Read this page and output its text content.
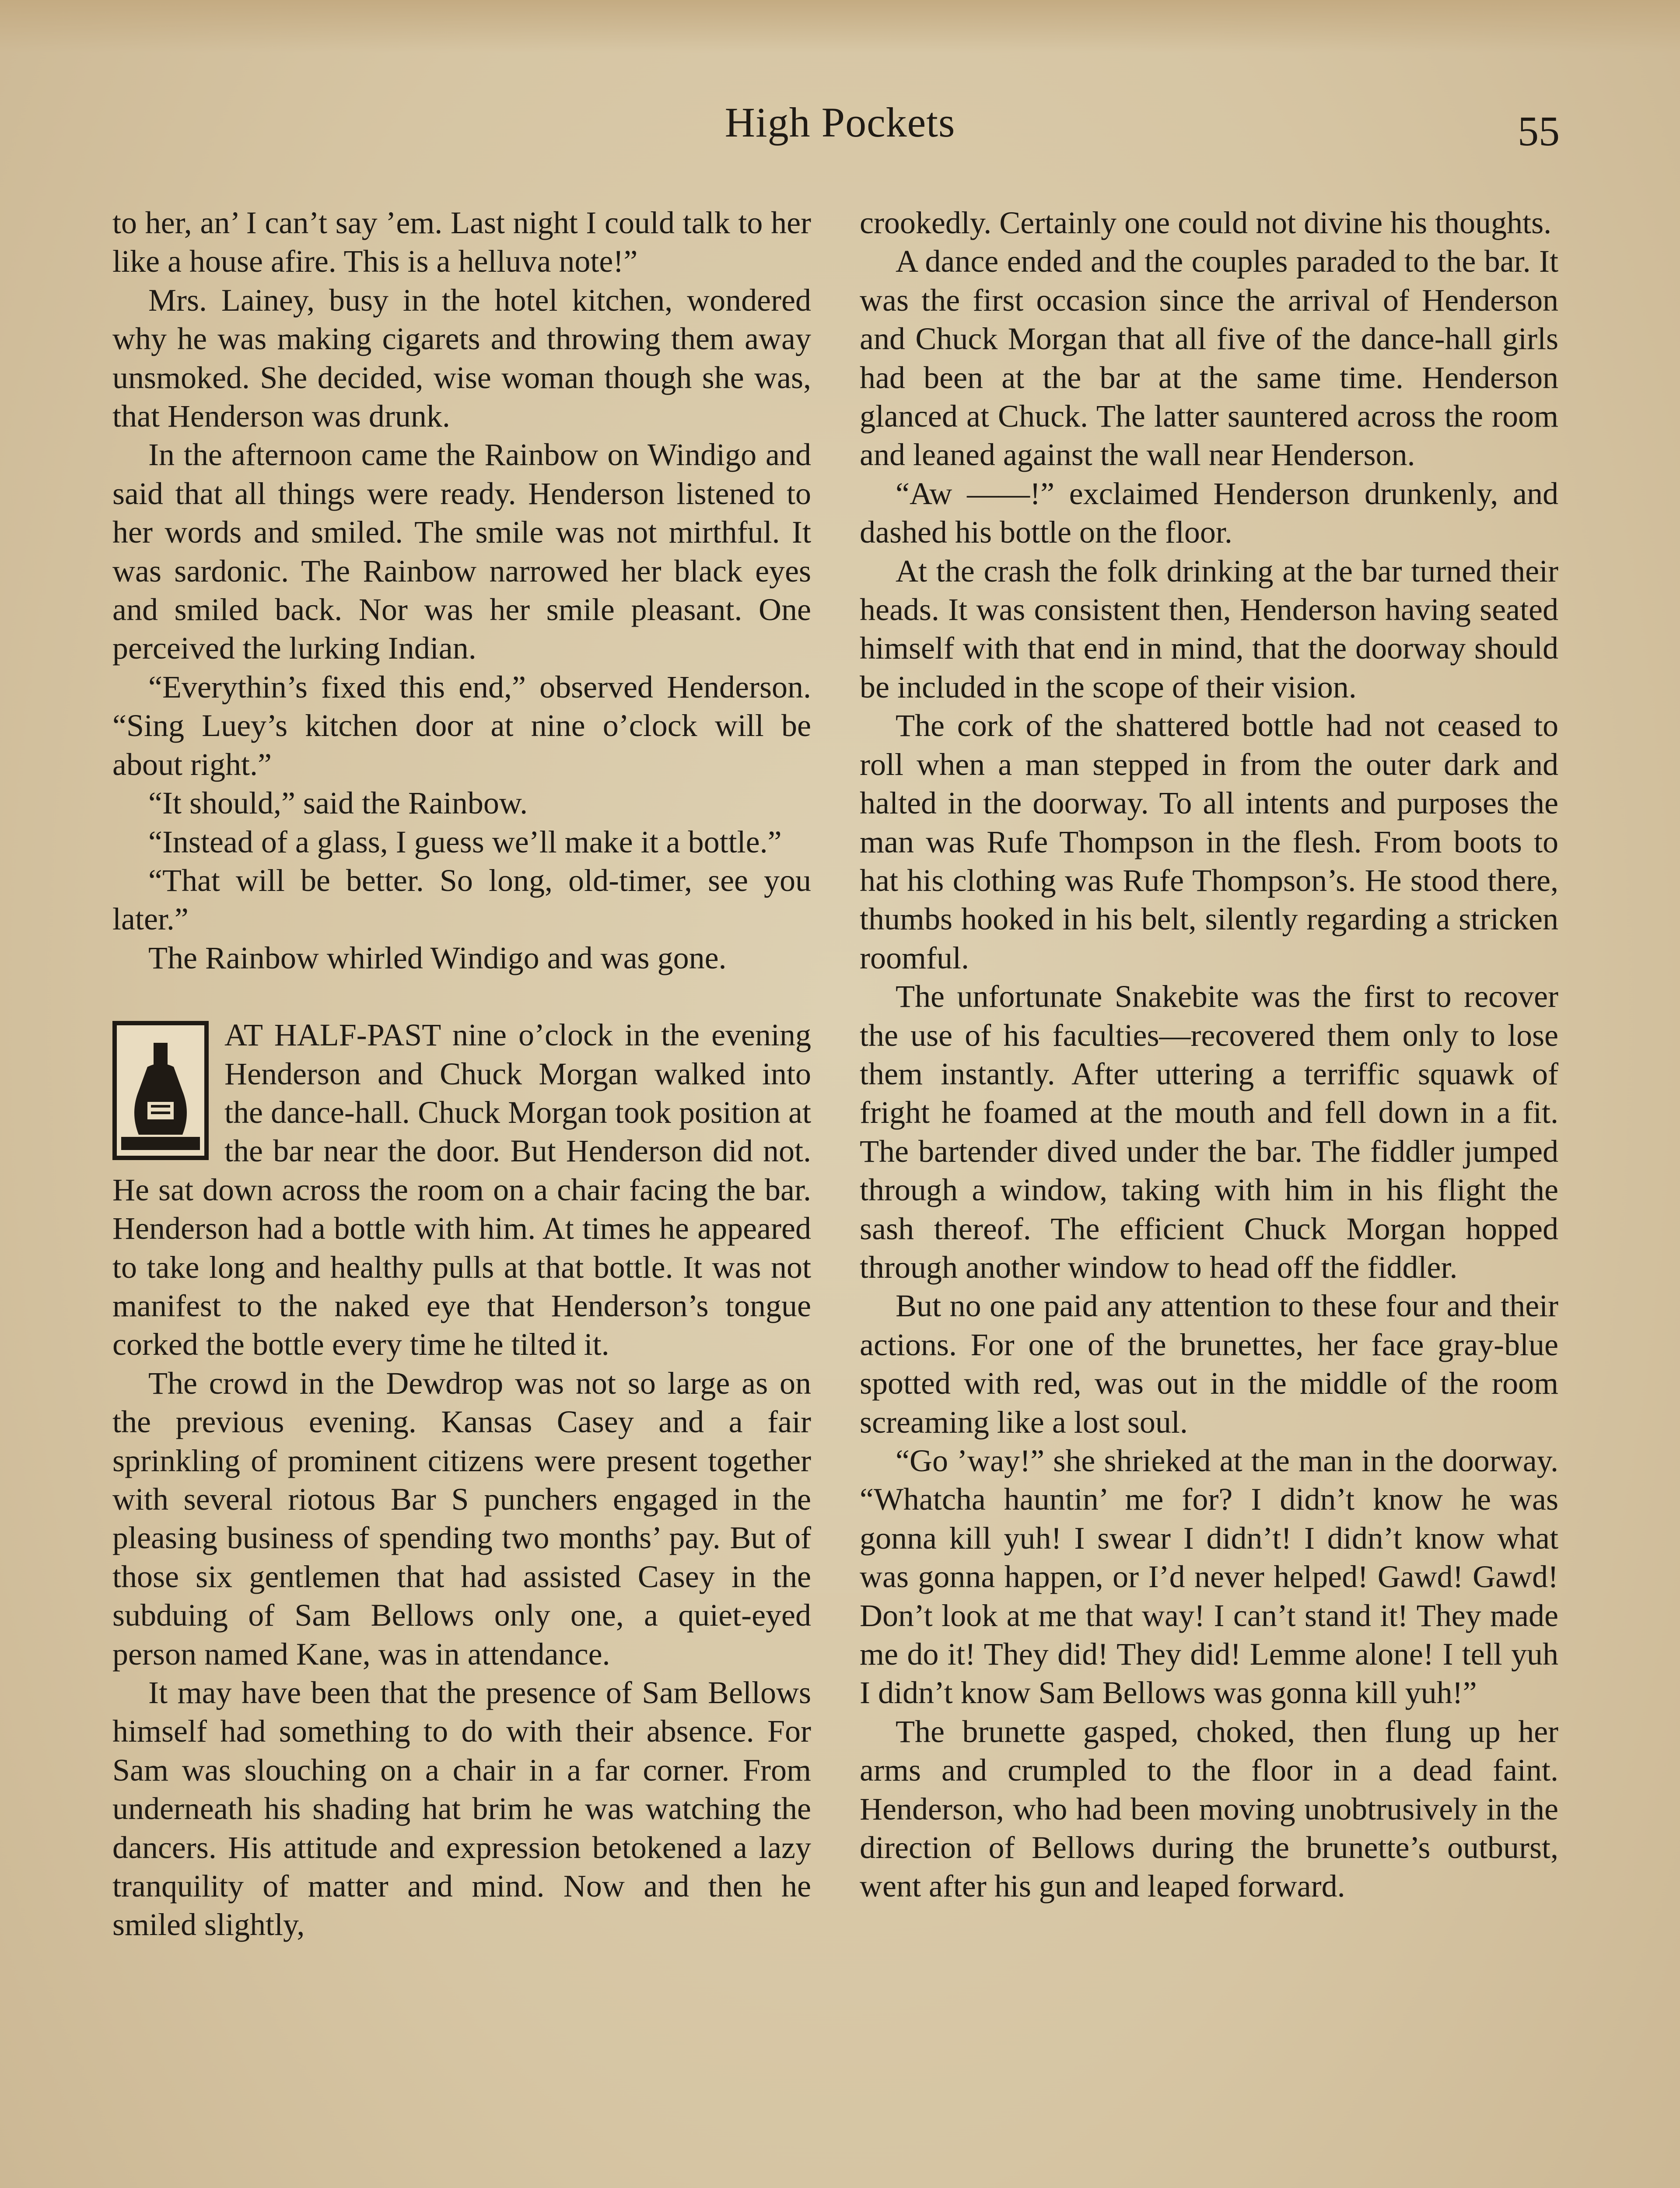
High Pockets	55

to her, an’ I can’t say ’em. Last night I could talk to her like a house afire. This is a helluva note!”

Mrs. Lainey, busy in the hotel kitchen, wondered why he was making cigarets and throwing them away unsmoked. She decided, wise woman though she was, that Henderson was drunk.

In the afternoon came the Rainbow on Windigo and said that all things were ready. Henderson listened to her words and smiled. The smile was not mirthful. It was sardonic. The Rainbow narrowed her black eyes and smiled back. Nor was her smile pleasant. One perceived the lurking Indian.

“Everythin’s fixed this end,” observed Henderson. “Sing Luey’s kitchen door at nine o’clock will be about right.”

“It should,” said the Rainbow.

“Instead of a glass, I guess we’ll make it a bottle.”

“That will be better. So long, old-timer, see you later.”

The Rainbow whirled Windigo and was gone.

AT HALF-PAST nine o’clock in the evening Henderson and Chuck Morgan walked into the dance-hall. Chuck Morgan took position at the bar near the door. But Henderson did not. He sat down across the room on a chair facing the bar. Henderson had a bottle with him. At times he appeared to take long and healthy pulls at that bottle. It was not manifest to the naked eye that Henderson’s tongue corked the bottle every time he tilted it.

The crowd in the Dewdrop was not so large as on the previous evening. Kansas Casey and a fair sprinkling of prominent citizens were present together with several riotous Bar S punchers engaged in the pleasing business of spending two months’ pay. But of those six gentlemen that had assisted Casey in the subduing of Sam Bellows only one, a quiet-eyed person named Kane, was in attendance.

It may have been that the presence of Sam Bellows himself had something to do with their absence. For Sam was slouching on a chair in a far corner. From underneath his shading hat brim he was watching the dancers. His attitude and expression betokened a lazy tranquility of matter and mind. Now and then he smiled slightly,

crookedly. Certainly one could not divine his thoughts.

A dance ended and the couples paraded to the bar. It was the first occasion since the arrival of Henderson and Chuck Morgan that all five of the dance-hall girls had been at the bar at the same time. Henderson glanced at Chuck. The latter sauntered across the room and leaned against the wall near Henderson.

“Aw ——!” exclaimed Henderson drunkenly, and dashed his bottle on the floor.

At the crash the folk drinking at the bar turned their heads. It was consistent then, Henderson having seated himself with that end in mind, that the doorway should be included in the scope of their vision.

The cork of the shattered bottle had not ceased to roll when a man stepped in from the outer dark and halted in the doorway. To all intents and purposes the man was Rufe Thompson in the flesh. From boots to hat his clothing was Rufe Thompson’s. He stood there, thumbs hooked in his belt, silently regarding a stricken roomful.

The unfortunate Snakebite was the first to recover the use of his faculties—recovered them only to lose them instantly. After uttering a terriffic squawk of fright he foamed at the mouth and fell down in a fit. The bartender dived under the bar. The fiddler jumped through a window, taking with him in his flight the sash thereof. The efficient Chuck Morgan hopped through another window to head off the fiddler.

But no one paid any attention to these four and their actions. For one of the brunettes, her face gray-blue spotted with red, was out in the middle of the room screaming like a lost soul.

“Go ’way!” she shrieked at the man in the doorway. “Whatcha hauntin’ me for? I didn’t know he was gonna kill yuh! I swear I didn’t! I didn’t know what was gonna happen, or I’d never helped! Gawd! Gawd! Don’t look at me that way! I can’t stand it! They made me do it! They did! They did! Lemme alone! I tell yuh I didn’t know Sam Bellows was gonna kill yuh!”

The brunette gasped, choked, then flung up her arms and crumpled to the floor in a dead faint. Henderson, who had been moving unobtrusively in the direction of Bellows during the brunette’s outburst, went after his gun and leaped forward.
